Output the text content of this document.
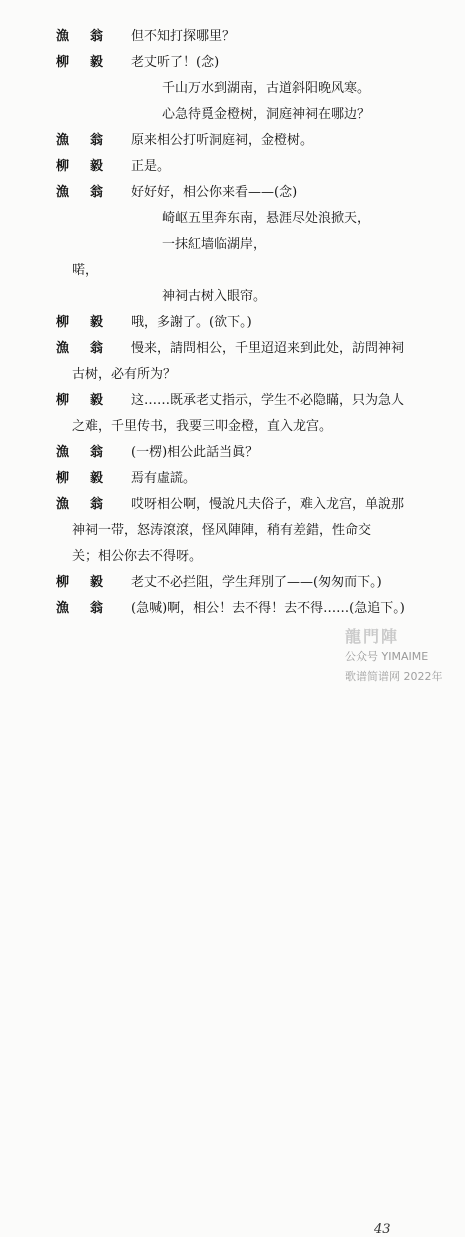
漁　翁	但不知打探哪里？
柳　毅	老丈听了！(念)
千山万水到湖南，古道斜阳晚风寒。
心急待覓金橙树，洞庭神祠在哪边？
漁　翁	原来相公打听洞庭祠，金橙树。
柳　毅	正是。
漁　翁	好好好，相公你来看——(念)
崎岖五里奔东南，悬涯尽处浪掀天，
一抹紅墙临湖岸，
喏，
神祠古树入眼帘。
柳　毅	哦，多謝了。(欲下。)
漁　翁	慢来，請問相公，千里迢迢来到此处，訪問神祠
古树，必有所为？
柳　毅	这……既承老丈指示，学生不必隐瞞，只为急人
之难，千里传书，我要三叩金橙，直入龙宫。
漁　翁	(一楞)相公此話当眞？
柳　毅	焉有虛謊。
漁　翁	哎呀相公啊，慢說凡夫俗子，难入龙宫，单說那
神祠一带，怒涛滾滾，怪风陣陣，稍有差錯，性命交
关；相公你去不得呀。
柳　毅	老丈不必拦阻，学生拜別了——(匆匆而下。)
漁　翁	(急喊)啊，相公！去不得！去不得……(急追下。)
43
龍門陣
公众号 YIMAIME
歌谱简谱网 2022年
